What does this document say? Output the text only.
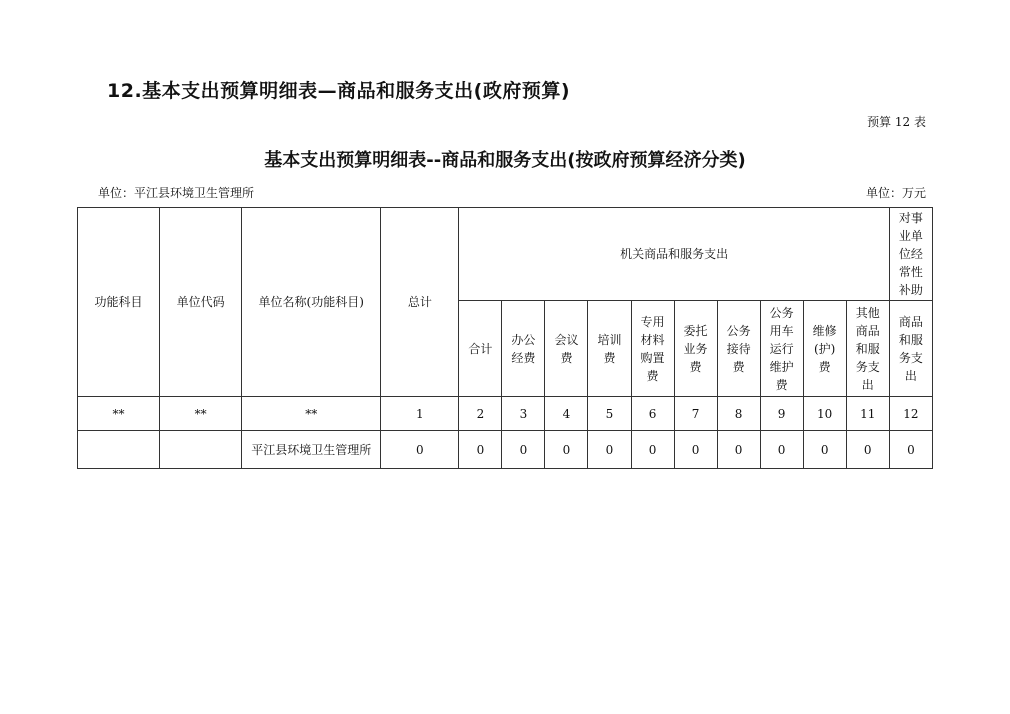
12.基本支出预算明细表—商品和服务支出(政府预算)
预算 12 表
基本支出预算明细表--商品和服务支出(按政府预算经济分类)
单位：平江县环境卫生管理所	单位：万元
功能科目	单位代码	单位名称(功能科目)	总计	机关商品和服务支出										对事业单位经常性补助

				合计	办公经费	会议费	培训费	专用材料购置费	委托业务费	公务接待费	公务用车运行维护费	维修(护)费	其他商品和服务支出	商品和服务支出

**	**	**	1	2	3	4	5	6	7	8	9	10	11	12
		平江县环境卫生管理所	0	0	0	0	0	0	0	0	0	0	0	0
